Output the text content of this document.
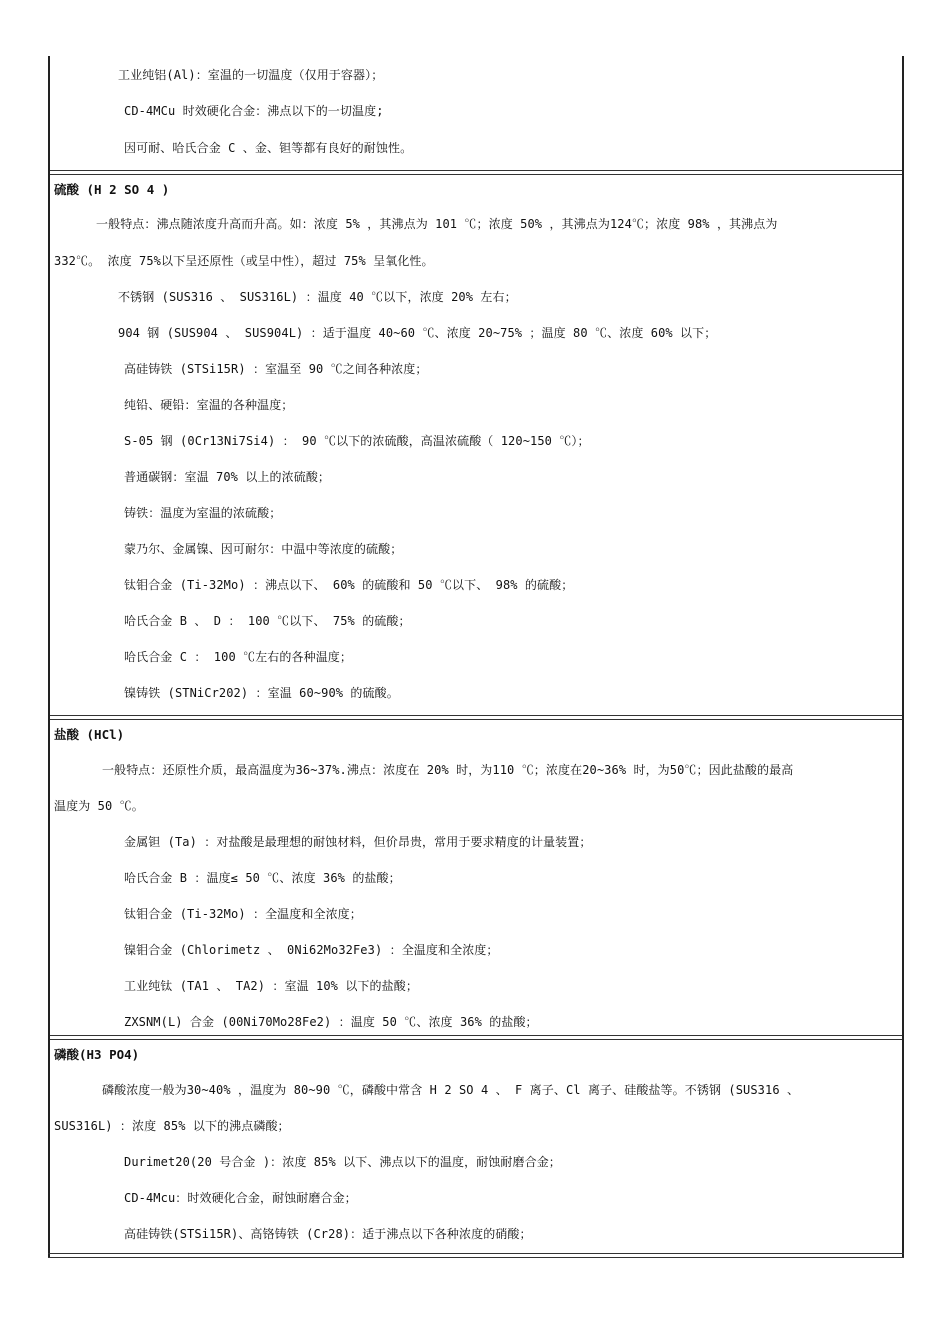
工业纯铝(Al)：室温的一切温度（仅用于容器）；
CD-4MCu 时效硬化合金：沸点以下的一切温度;
因可耐、哈氏合金 C 、金、钽等都有良好的耐蚀性。
硫酸 (H 2 SO 4 )
一般特点：沸点随浓度升高而升高。如：浓度 5% ，其沸点为 101 ℃；浓度 50% ，其沸点为124℃；浓度 98% ，其沸点为
332℃。 浓度 75%以下呈还原性（或呈中性），超过 75% 呈氧化性。
不锈钢 (SUS316 、 SUS316L) ：温度 40 ℃以下，浓度 20% 左右；
904 钢 (SUS904 、 SUS904L) ：适于温度 40~60 ℃、浓度 20~75% ；温度 80 ℃、浓度 60% 以下；
高硅铸铁 (STSi15R) ：室温至 90 ℃之间各种浓度；
纯铅、硬铅：室温的各种温度；
S-05 钢 (0Cr13Ni7Si4) ： 90 ℃以下的浓硫酸，高温浓硫酸（ 120~150 ℃）；
普通碳钢：室温 70% 以上的浓硫酸；
铸铁：温度为室温的浓硫酸；
蒙乃尔、金属镍、因可耐尔：中温中等浓度的硫酸；
钛钼合金 (Ti-32Mo) ：沸点以下、 60% 的硫酸和 50 ℃以下、 98% 的硫酸；
哈氏合金 B 、 D ： 100 ℃以下、 75% 的硫酸；
哈氏合金 C ： 100 ℃左右的各种温度；
镍铸铁 (STNiCr202) ：室温 60~90% 的硫酸。
盐酸 (HCl)
一般特点：还原性介质，最高温度为36~37%.沸点：浓度在 20% 时，为110 ℃；浓度在20~36% 时，为50℃；因此盐酸的最高
温度为 50 ℃。
金属钽 (Ta) ：对盐酸是最理想的耐蚀材料，但价昂贵，常用于要求精度的计量装置；
哈氏合金 B ：温度≤ 50 ℃、浓度 36% 的盐酸；
钛钼合金 (Ti-32Mo) ：全温度和全浓度；
镍钼合金 (Chlorimetz 、 0Ni62Mo32Fe3) ：全温度和全浓度；
工业纯钛 (TA1 、 TA2) ：室温 10% 以下的盐酸；
ZXSNM(L) 合金 (00Ni70Mo28Fe2) ：温度 50 ℃、浓度 36% 的盐酸；
磷酸(H3 PO4)
磷酸浓度一般为30~40% ，温度为 80~90 ℃，磷酸中常含 H 2 SO 4 、 F 离子、Cl 离子、硅酸盐等。不锈钢 (SUS316 、
SUS316L) ：浓度 85% 以下的沸点磷酸；
Durimet20(20 号合金 )：浓度 85% 以下、沸点以下的温度，耐蚀耐磨合金；
CD-4Mcu：时效硬化合金，耐蚀耐磨合金；
高硅铸铁(STSi15R)、高铬铸铁 (Cr28)：适于沸点以下各种浓度的硝酸；
